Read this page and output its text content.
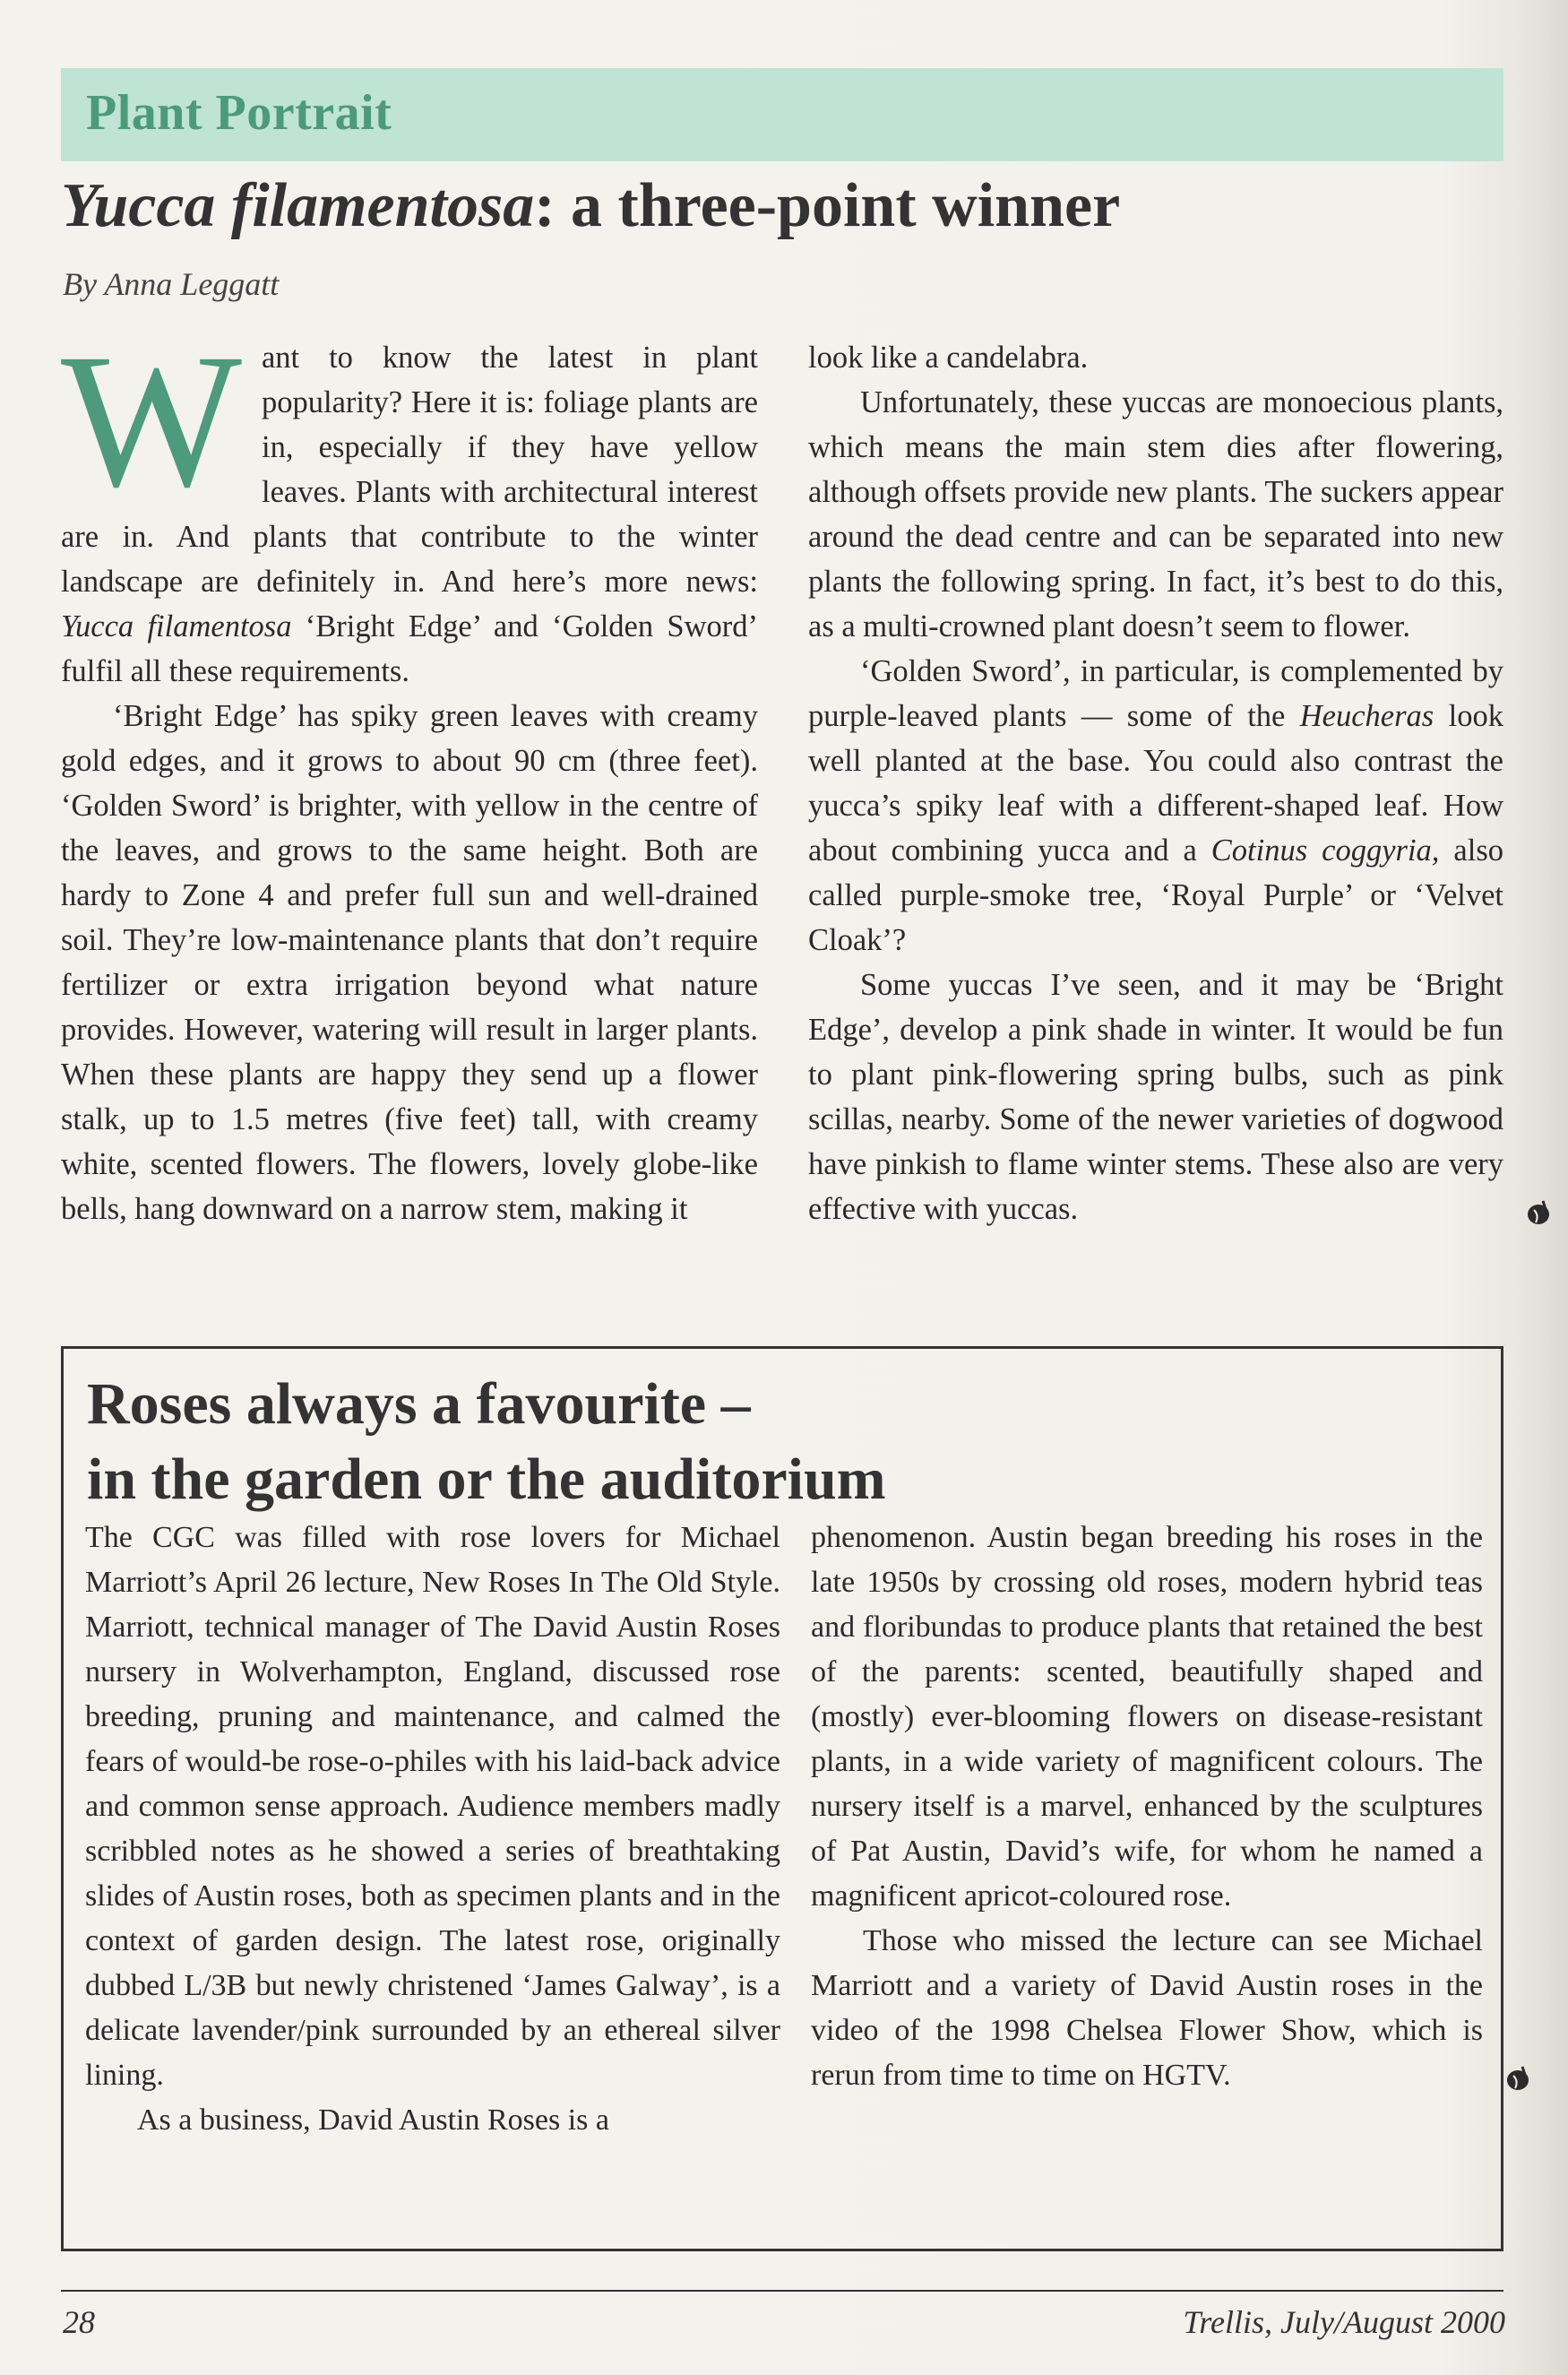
Plant Portrait
Yucca filamentosa: a three-point winner
By Anna Leggatt

Want to know the latest in plant popularity? Here it is: foliage plants are in, especially if they have yellow leaves. Plants with architectural interest are in. And plants that contribute to the winter landscape are definitely in. And here’s more news: Yucca filamentosa ‘Bright Edge’ and ‘Golden Sword’ fulfil all these requirements.

‘Bright Edge’ has spiky green leaves with creamy gold edges, and it grows to about 90 cm (three feet). ‘Golden Sword’ is brighter, with yellow in the centre of the leaves, and grows to the same height. Both are hardy to Zone 4 and prefer full sun and well-drained soil. They’re low-maintenance plants that don’t require fertilizer or extra irrigation beyond what nature provides. However, watering will result in larger plants. When these plants are happy they send up a flower stalk, up to 1.5 metres (five feet) tall, with creamy white, scented flowers. The flowers, lovely globe-like bells, hang downward on a narrow stem, making it

look like a candelabra.

Unfortunately, these yuccas are monoecious plants, which means the main stem dies after flowering, although offsets provide new plants. The suckers appear around the dead centre and can be separated into new plants the following spring. In fact, it’s best to do this, as a multi-crowned plant doesn’t seem to flower.

‘Golden Sword’, in particular, is complemented by purple-leaved plants — some of the Heucheras look well planted at the base. You could also contrast the yucca’s spiky leaf with a different-shaped leaf. How about combining yucca and a Cotinus coggyria, also called purple-smoke tree, ‘Royal Purple’ or ‘Velvet Cloak’?

Some yuccas I’ve seen, and it may be ‘Bright Edge’, develop a pink shade in winter. It would be fun to plant pink-flowering spring bulbs, such as pink scillas, nearby. Some of the newer varieties of dogwood have pinkish to flame winter stems. These also are very effective with yuccas.

Roses always a favourite –
in the garden or the auditorium

The CGC was filled with rose lovers for Michael Marriott’s April 26 lecture, New Roses In The Old Style. Marriott, technical manager of The David Austin Roses nursery in Wolverhampton, England, discussed rose breeding, pruning and maintenance, and calmed the fears of would-be rose-o-philes with his laid-back advice and common sense approach. Audience members madly scribbled notes as he showed a series of breathtaking slides of Austin roses, both as specimen plants and in the context of garden design. The latest rose, originally dubbed L/3B but newly christened ‘James Galway’, is a delicate lavender/pink surrounded by an ethereal silver lining.

As a business, David Austin Roses is a

phenomenon. Austin began breeding his roses in the late 1950s by crossing old roses, modern hybrid teas and floribundas to produce plants that retained the best of the parents: scented, beautifully shaped and (mostly) ever-blooming flowers on disease-resistant plants, in a wide variety of magnificent colours. The nursery itself is a marvel, enhanced by the sculptures of Pat Austin, David’s wife, for whom he named a magnificent apricot-coloured rose.

Those who missed the lecture can see Michael Marriott and a variety of David Austin roses in the video of the 1998 Chelsea Flower Show, which is rerun from time to time on HGTV.

28	Trellis, July/August 2000
